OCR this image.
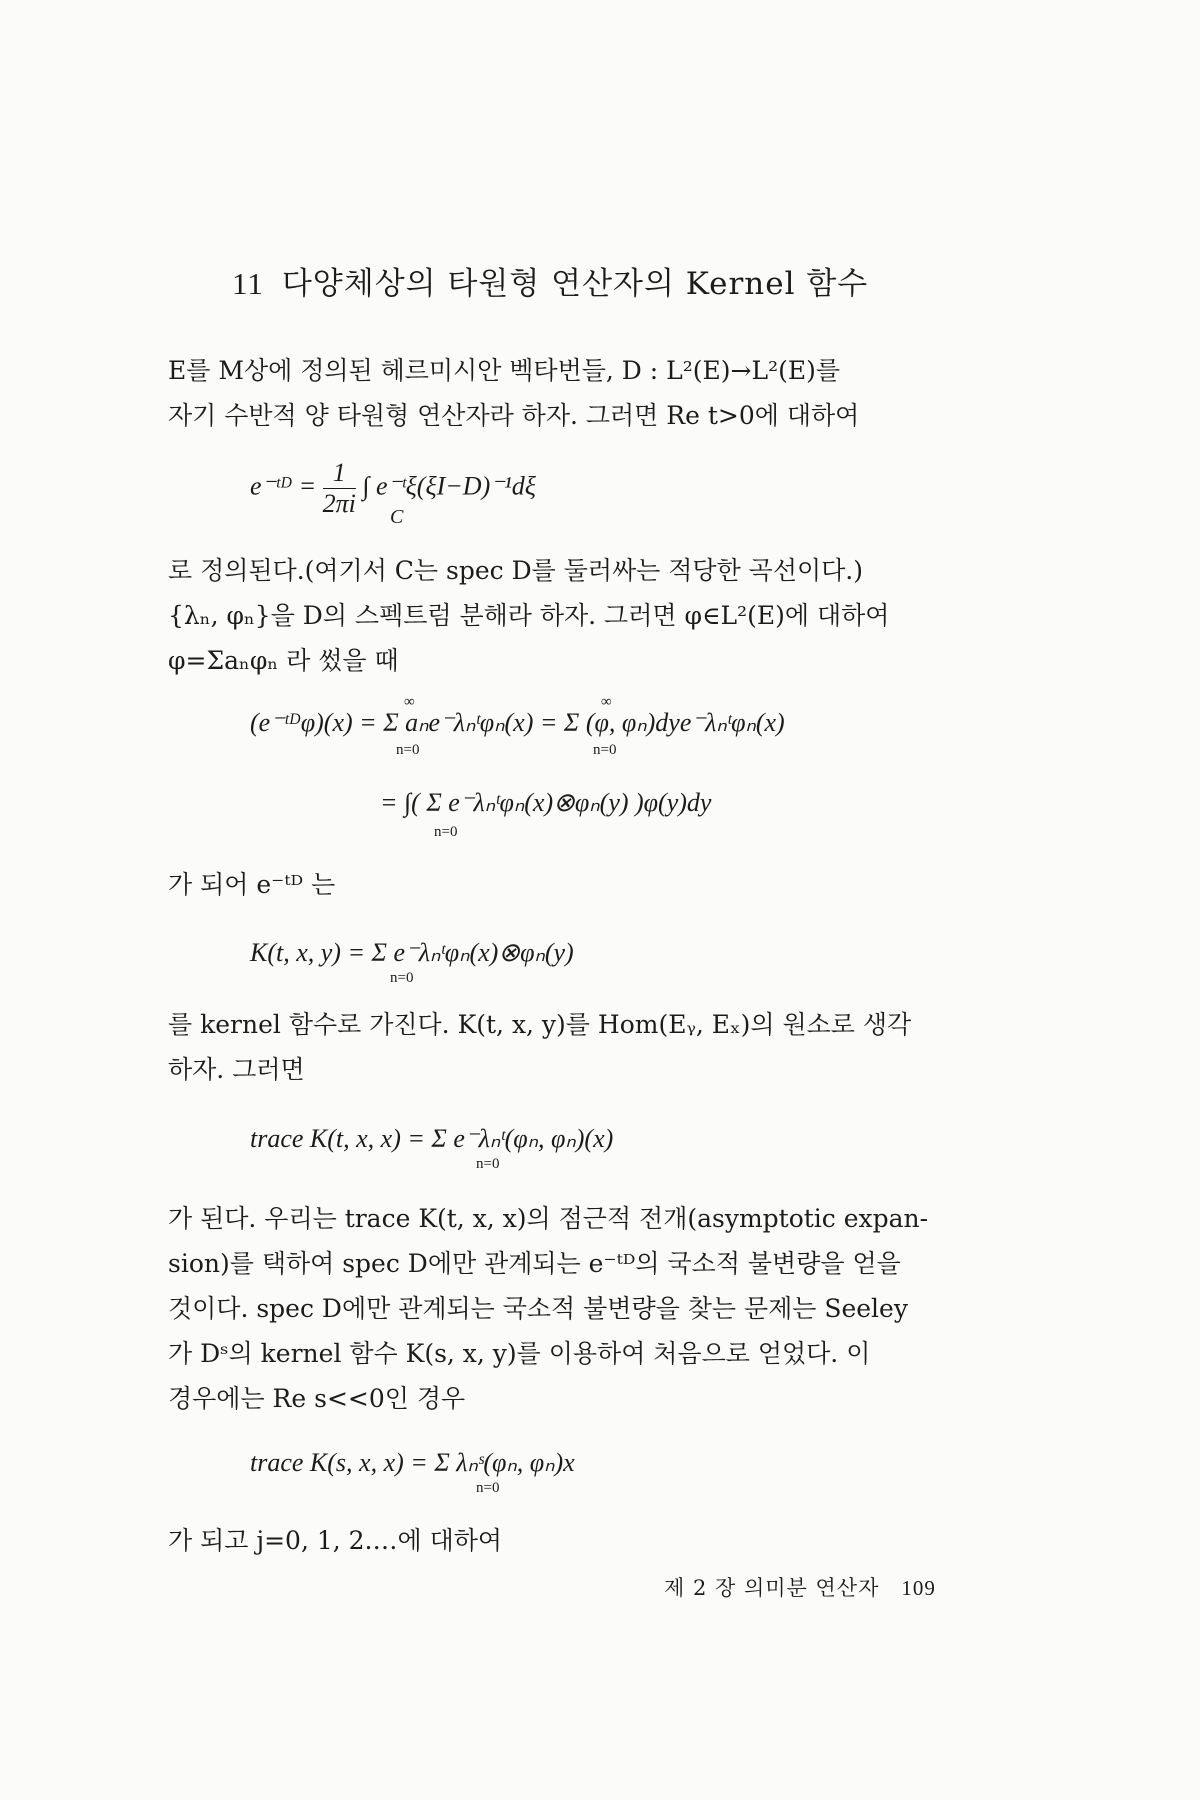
11 다양체상의 타원형 연산자의 Kernel 함수
E를 M상에 정의된 헤르미시안 벡타번들, D : L²(E)→L²(E)를
자기 수반적 양 타원형 연산자라 하자. 그러면 Re t>0에 대하여
e⁻ᵗᴰ = $\frac{1}{2\pi i}$ ∫ e⁻ᵗξ(ξI−D)⁻¹dξ
C
로 정의된다.(여기서 C는 spec D를 둘러싸는 적당한 곡선이다.)
{λₙ, φₙ}을 D의 스펙트럼 분해라 하자. 그러면 φ∈L²(E)에 대하여
φ=Σaₙφₙ 라 썼을 때
(e⁻ᵗᴰφ)(x) = Σ aₙe⁻λₙᵗφₙ(x) = Σ (φ, φₙ)dye⁻λₙᵗφₙ(x)
n=0
∞
n=0
∞
= ∫( Σ e⁻λₙᵗφₙ(x)⊗φₙ(y) )φ(y)dy
n=0
가 되어 e⁻ᵗᴰ 는
K(t, x, y) = Σ e⁻λₙᵗφₙ(x)⊗φₙ(y)
n=0
를 kernel 함수로 가진다. K(t, x, y)를 Hom(Eᵧ, Eₓ)의 원소로 생각
하자. 그러면
trace K(t, x, x) = Σ e⁻λₙᵗ(φₙ, φₙ)(x)
n=0
가 된다. 우리는 trace K(t, x, x)의 점근적 전개(asymptotic expan-
sion)를 택하여 spec D에만 관계되는 e⁻ᵗᴰ의 국소적 불변량을 얻을
것이다. spec D에만 관계되는 국소적 불변량을 찾는 문제는 Seeley
가 Dˢ의 kernel 함수 K(s, x, y)를 이용하여 처음으로 얻었다. 이
경우에는 Re s<<0인 경우
trace K(s, x, x) = Σ λₙˢ(φₙ, φₙ)x
n=0
가 되고 j=0, 1, 2.…에 대하여
제 2 장 의미분 연산자 109
